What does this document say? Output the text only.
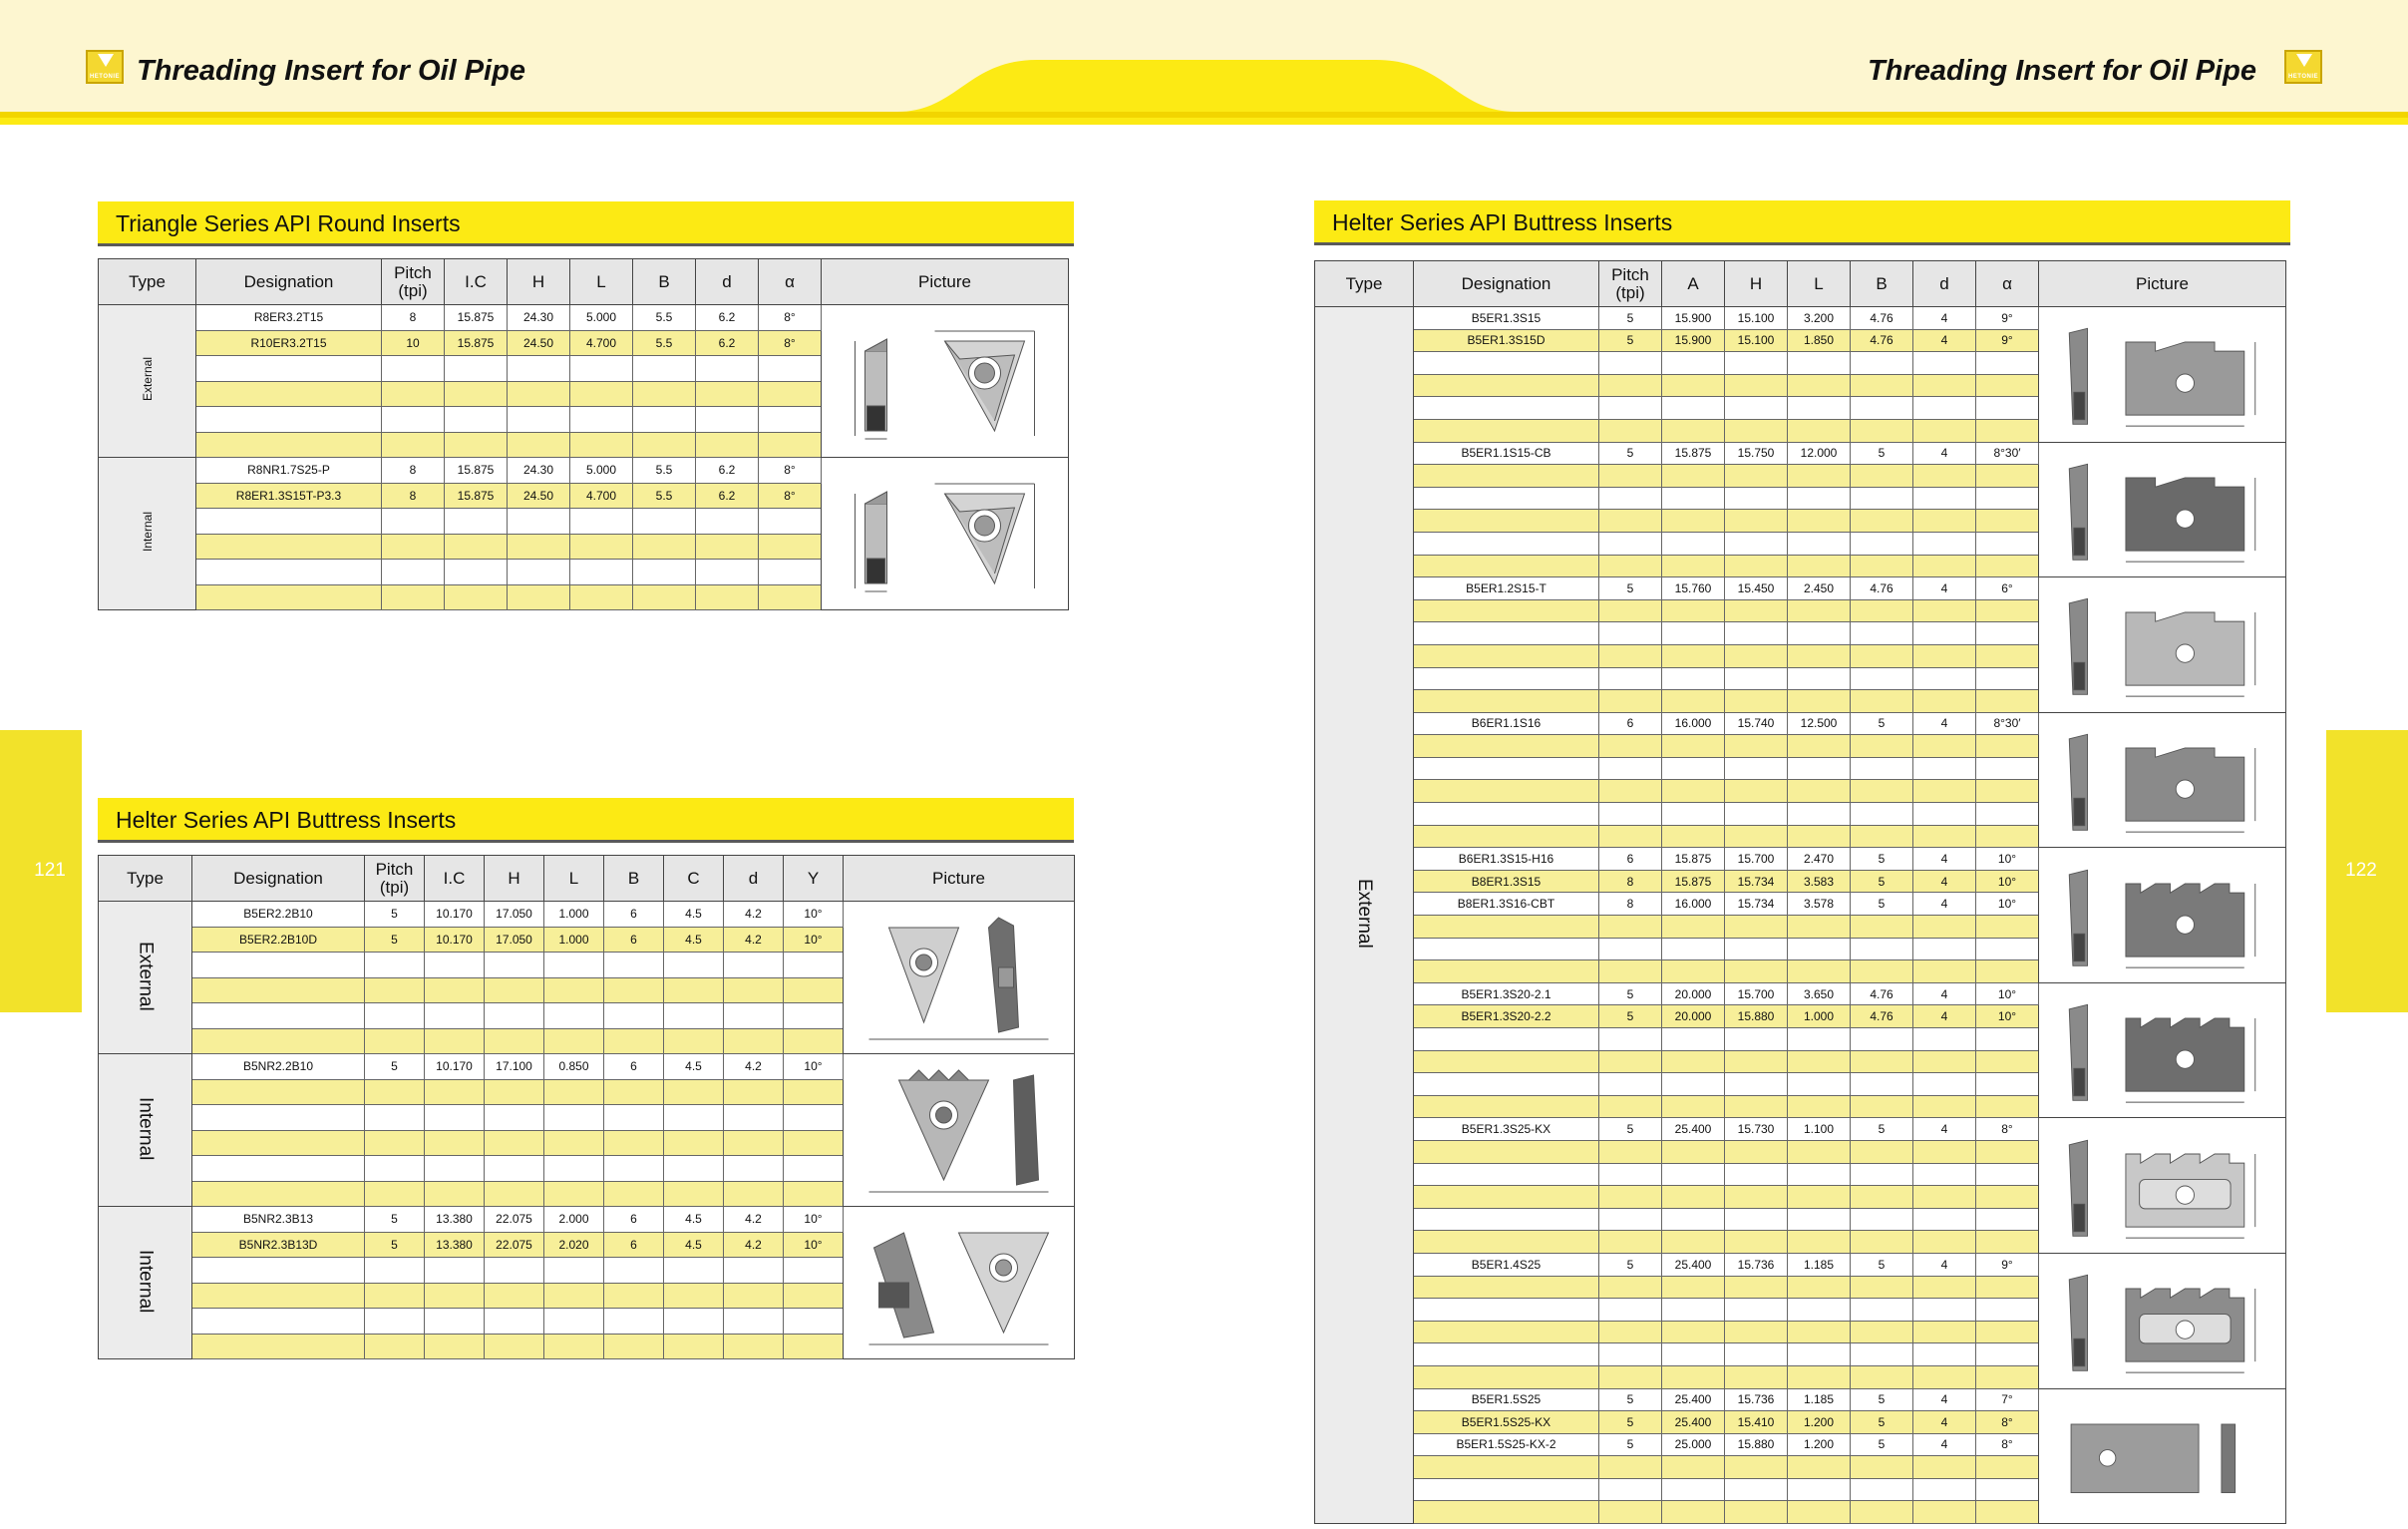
HETONIE Threading Insert for Oil Pipe	Threading Insert for Oil Pipe	HETONIE
121	122
Triangle Series API Round Inserts
Helter Series API Buttress Inserts
Helter Series API Buttress Inserts
Type	Designation	Pitch
(tpi)	I.C	H	L	B	d	α	Picture
External	R8ER3.2T15	8	15.875	24.30	5.000	5.5	6.2	8°	

	R10ER3.2T15	10	15.875	24.50	4.700	5.5	6.2	8°	

Internal	R8NR1.7S25-P	8	15.875	24.30	5.000	5.5	6.2	8°	

	R8ER1.3S15T-P3.3	8	15.875	24.50	4.700	5.5	6.2	8°	

Type	Designation	Pitch
(tpi)	I.C	H	L	B	C	d	Y	Picture
External	B5ER2.2B10	5	10.170	17.050	1.000	6	4.5	4.2	10°	

	B5ER2.2B10D	5	10.170	17.050	1.000	6	4.5	4.2	10°	

Internal	B5NR2.2B10	5	10.170	17.100	0.850	6	4.5	4.2	10°	

Internal	B5NR2.3B13	5	13.380	22.075	2.000	6	4.5	4.2	10°	

	B5NR2.3B13D	5	13.380	22.075	2.020	6	4.5	4.2	10°	

Type	Designation	Pitch
(tpi)	A	H	L	B	d	α	Picture
External	B5ER1.3S15	5	15.900	15.100	3.200	4.76	4	9°	

	B5ER1.3S15D	5	15.900	15.100	1.850	4.76	4	9°	

	B5ER1.1S15-CB	5	15.875	15.750	12.000	5	4	8°30′	

	B5ER1.2S15-T	5	15.760	15.450	2.450	4.76	4	6°	

	B6ER1.1S16	6	16.000	15.740	12.500	5	4	8°30′	

	B6ER1.3S15-H16	6	15.875	15.700	2.470	5	4	10°	

	B8ER1.3S15	8	15.875	15.734	3.583	5	4	10°	
	B8ER1.3S16-CBT	8	16.000	15.734	3.578	5	4	10°	

	B5ER1.3S20-2.1	5	20.000	15.700	3.650	4.76	4	10°	

	B5ER1.3S20-2.2	5	20.000	15.880	1.000	4.76	4	10°	

	B5ER1.3S25-KX	5	25.400	15.730	1.100	5	4	8°	

	B5ER1.4S25	5	25.400	15.736	1.185	5	4	9°	

	B5ER1.5S25	5	25.400	15.736	1.185	5	4	7°	

	B5ER1.5S25-KX	5	25.400	15.410	1.200	5	4	8°	
	B5ER1.5S25-KX-2	5	25.000	15.880	1.200	5	4	8°	
